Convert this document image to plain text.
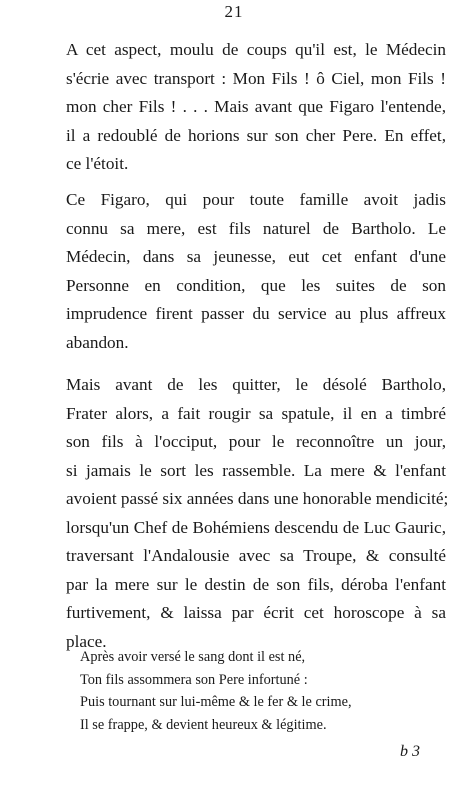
21

A cet aspect, moulu de coups qu'il est, le Médecin
s'écrie avec transport : Mon Fils ! ô Ciel, mon Fils !
mon cher Fils ! . . . Mais avant que Figaro l'entende,
il a redoublé de horions sur son cher Pere. En effet,
ce l'étoit.

Ce Figaro, qui pour toute famille avoit jadis
connu sa mere, est fils naturel de Bartholo. Le
Médecin, dans sa jeunesse, eut cet enfant d'une
Personne en condition, que les suites de son
imprudence firent passer du service au plus affreux
abandon.

Mais avant de les quitter, le désolé Bartholo,
Frater alors, a fait rougir sa spatule, il en a timbré
son fils à l'occiput, pour le reconnoître un jour,
si jamais le sort les rassemble. La mere & l'enfant
avoient passé six années dans une honorable mendicité;
lorsqu'un Chef de Bohémiens descendu de Luc Gauric,
traversant l'Andalousie avec sa Troupe, & consulté
par la mere sur le destin de son fils, déroba l'enfant
furtivement, & laissa par écrit cet horoscope à sa
place.

Après avoir versé le sang dont il est né,
Ton fils assommera son Pere infortuné :
Puis tournant sur lui-même & le fer & le crime,
Il se frappe, & devient heureux & légitime.

b 3
